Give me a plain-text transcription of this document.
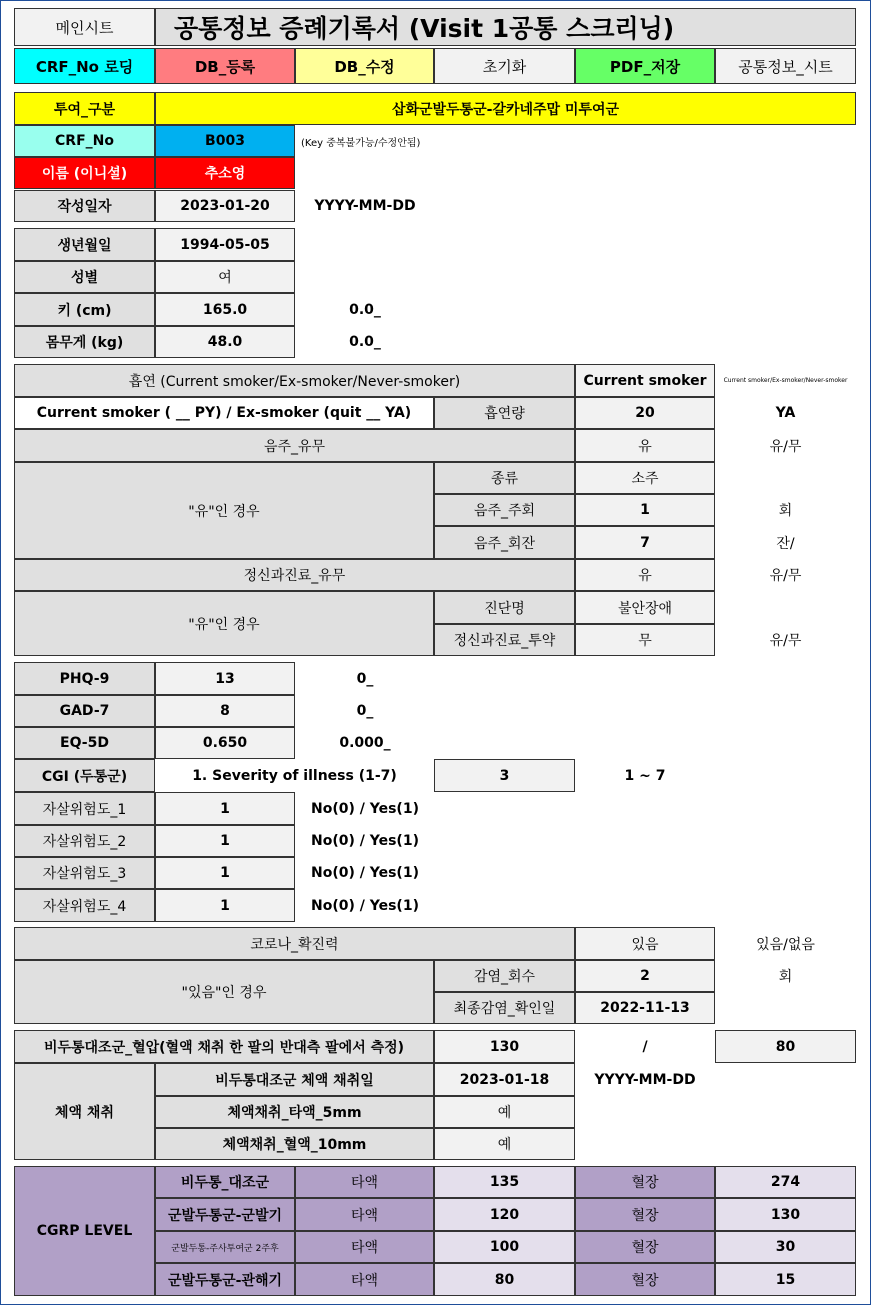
메인시트	공통정보 증례기록서 (Visit 1공통 스크리닝)
CRF_No 로딩	DB_등록	DB_수정	초기화	PDF_저장	공통정보_시트
투여_구분	삽화군발두통군-갈카네주맙 미투여군
CRF_No	B003	(Key 중복불가능/수정안됨)
이름 (이니셜)	추소영
작성일자	2023-01-20	YYYY-MM-DD
생년월일	1994-05-05
성별	여
키 (cm)	165.0	0.0_
몸무게 (kg)	48.0	0.0_
흡연 (Current smoker/Ex-smoker/Never-smoker)	Current smoker	Current smoker/Ex-smoker/Never-smoker
Current smoker ( __ PY) / Ex-smoker (quit __ YA)	흡연량	20	YA
음주_유무	유	유/무
"유"인 경우
종류	소주
음주_주회	1	회
음주_회잔	7	잔/
정신과진료_유무	유	유/무
"유"인 경우
진단명	불안장애
정신과진료_투약	무	유/무
PHQ-9	13	0_
GAD-7	8	0_
EQ-5D	0.650	0.000_
CGI (두통군)	1. Severity of illness (1-7)	3	1 ~ 7
자살위험도_1	1	No(0) / Yes(1)
자살위험도_2	1	No(0) / Yes(1)
자살위험도_3	1	No(0) / Yes(1)
자살위험도_4	1	No(0) / Yes(1)
코로나_확진력	있음	있음/없음
"있음"인 경우
감염_회수	2	회
최종감염_확인일	2022-11-13
비두통대조군_혈압(혈액 채취 한 팔의 반대측 팔에서 측정)	130	/	80
체액 채취
비두통대조군 체액 채취일	2023-01-18	YYYY-MM-DD
체액채취_타액_5mm	예
체액채취_혈액_10mm	예
CGRP LEVEL
비두통_대조군	타액	135	혈장	274
군발두통군-군발기	타액	120	혈장	130
군발두통-주사투여군 2주후	타액	100	혈장	30
군발두통군-관해기	타액	80	혈장	15
